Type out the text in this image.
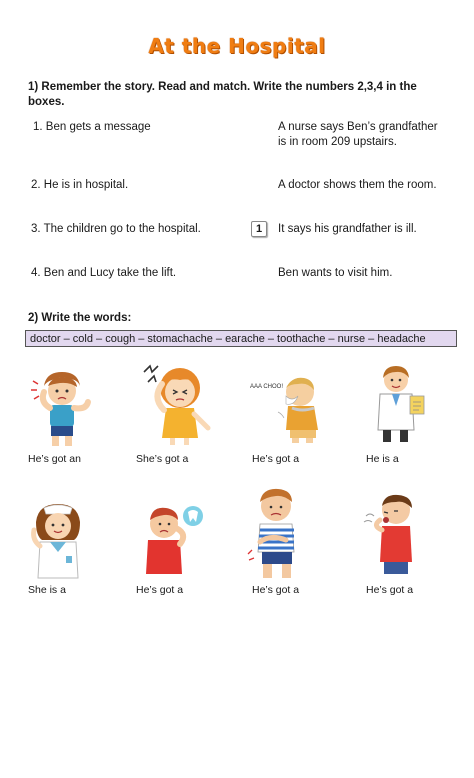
At the Hospital
1) Remember the story. Read and match. Write the numbers 2,3,4 in the boxes.
1. Ben gets a message
2. He is in hospital.
3. The children go to the hospital.
4. Ben and Lucy take the lift.
A nurse says Ben’s grandfather is in room 209 upstairs.
A doctor shows them the room.
It says his grandfather is ill.
Ben wants to visit him.
1
2) Write the words:
doctor – cold – cough – stomachache – earache – toothache – nurse – headache
AAA CHOO!
He’s got an	She’s got a	He’s got a	He is a
She is a	He’s got a	He’s got a	He’s got a
